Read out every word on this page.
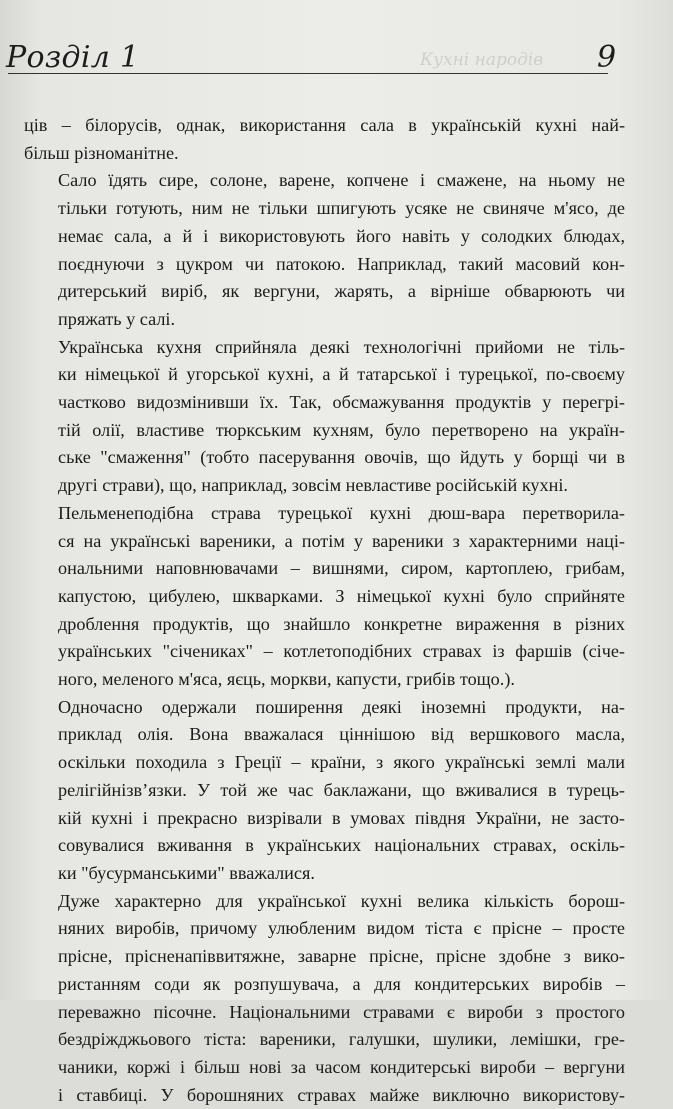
Розділ 1	Кухні народів 9

ців – білорусів, однак, використання сала в українській кухні най-
більш різноманітне.

Сало їдять сире, солоне, варене, копчене і смажене, на ньому не
тільки готують, ним не тільки шпигують усяке не свиняче м'ясо, де
немає сала, а й і використовують його навіть у солодких блюдах,
поєднуючи з цукром чи патокою. Наприклад, такий масовий кон-
дитерський виріб, як вергуни, жарять, а вірніше обварюють чи
пряжать у салі.

Українська кухня сприйняла деякі технологічні прийоми не тіль-
ки німецької й угорської кухні, а й татарської і турецької, по-своєму
частково видозмінивши їх. Так, обсмажування продуктів у перегрі-
тій олії, властиве тюркським кухням, було перетворено на україн-
ське "смаження" (тобто пасерування овочів, що йдуть у борщі чи в
другі страви), що, наприклад, зовсім невластиве російській кухні.

Пельменеподібна страва турецької кухні дюш-вара перетворила-
ся на українські вареники, а потім у вареники з характерними наці-
ональними наповнювачами – вишнями, сиром, картоплею, грибам,
капустою, цибулею, шкварками. З німецької кухні було сприйняте
дроблення продуктів, що знайшло конкретне вираження в різних
українських "січениках" – котлетоподібних стравах із фаршів (січе-
ного, меленого м'яса, яєць, моркви, капусти, грибів тощо.).

Одночасно одержали поширення деякі іноземні продукти, на-
приклад олія. Вона вважалася ціннішою від вершкового масла,
оскільки походила з Греції – країни, з якого українські землі мали
релігійнізв’язки. У той же час баклажани, що вживалися в турець-
кій кухні і прекрасно визрівали в умовах півдня України, не засто-
совувалися вживання в українських національних стравах, оскіль-
ки "бусурманськими" вважалися.

Дуже характерно для української кухні велика кількість борош-
няних виробів, причому улюбленим видом тіста є прісне – просте
прісне, прісненапіввитяжне, заварне прісне, прісне здобне з вико-
ристанням соди як розпушувача, а для кондитерських виробів –
переважно пісочне. Національними стравами є вироби з простого
бездріжджьового тіста: вареники, галушки, шулики, лемішки, гре-
чаники, коржі і більш нові за часом кондитерські вироби – вергуни
і ставбиці. У борошняних стравах майже виключно використову-
